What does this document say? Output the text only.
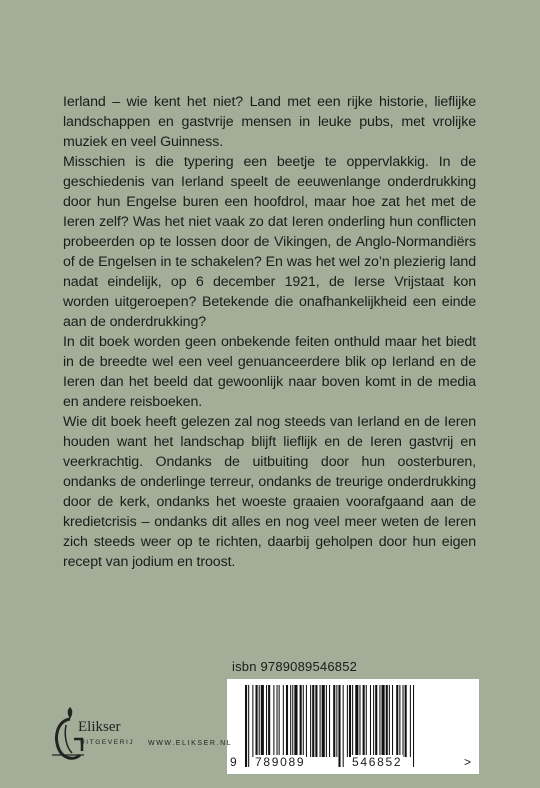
Ierland – wie kent het niet? Land met een rijke historie, lieflijke landschappen en gastvrije mensen in leuke pubs, met vrolijke muziek en veel Guinness.

Misschien is die typering een beetje te oppervlakkig. In de geschiedenis van Ierland speelt de eeuwenlange onderdrukking door hun Engelse buren een hoofdrol, maar hoe zat het met de Ieren zelf? Was het niet vaak zo dat Ieren onderling hun conflicten probeerden op te lossen door de Vikingen, de Anglo-Normandiërs of de Engelsen in te schakelen? En was het wel zo’n plezierig land nadat eindelijk, op 6 december 1921, de Ierse Vrijstaat kon worden uitgeroepen? Betekende die onafhankelijkheid een einde aan de onderdrukking?

In dit boek worden geen onbekende feiten onthuld maar het biedt in de breedte wel een veel genuanceerdere blik op Ierland en de Ieren dan het beeld dat gewoonlijk naar boven komt in de media en andere reisboeken.

Wie dit boek heeft gelezen zal nog steeds van Ierland en de Ieren houden want het landschap blijft lieflijk en de Ieren gastvrij en veerkrachtig. Ondanks de uitbuiting door hun oosterburen, ondanks de onderlinge terreur, ondanks de treurige onderdrukking door de kerk, ondanks het woeste graaien voorafgaand aan de kredietcrisis – ondanks dit alles en nog veel meer weten de Ieren zich steeds weer op te richten, daarbij geholpen door hun eigen recept van jodium en troost.

isbn 9789089546852
9 789089	546852	>
Elikser
UITGEVERIJ WWW.ELIKSER.NL
